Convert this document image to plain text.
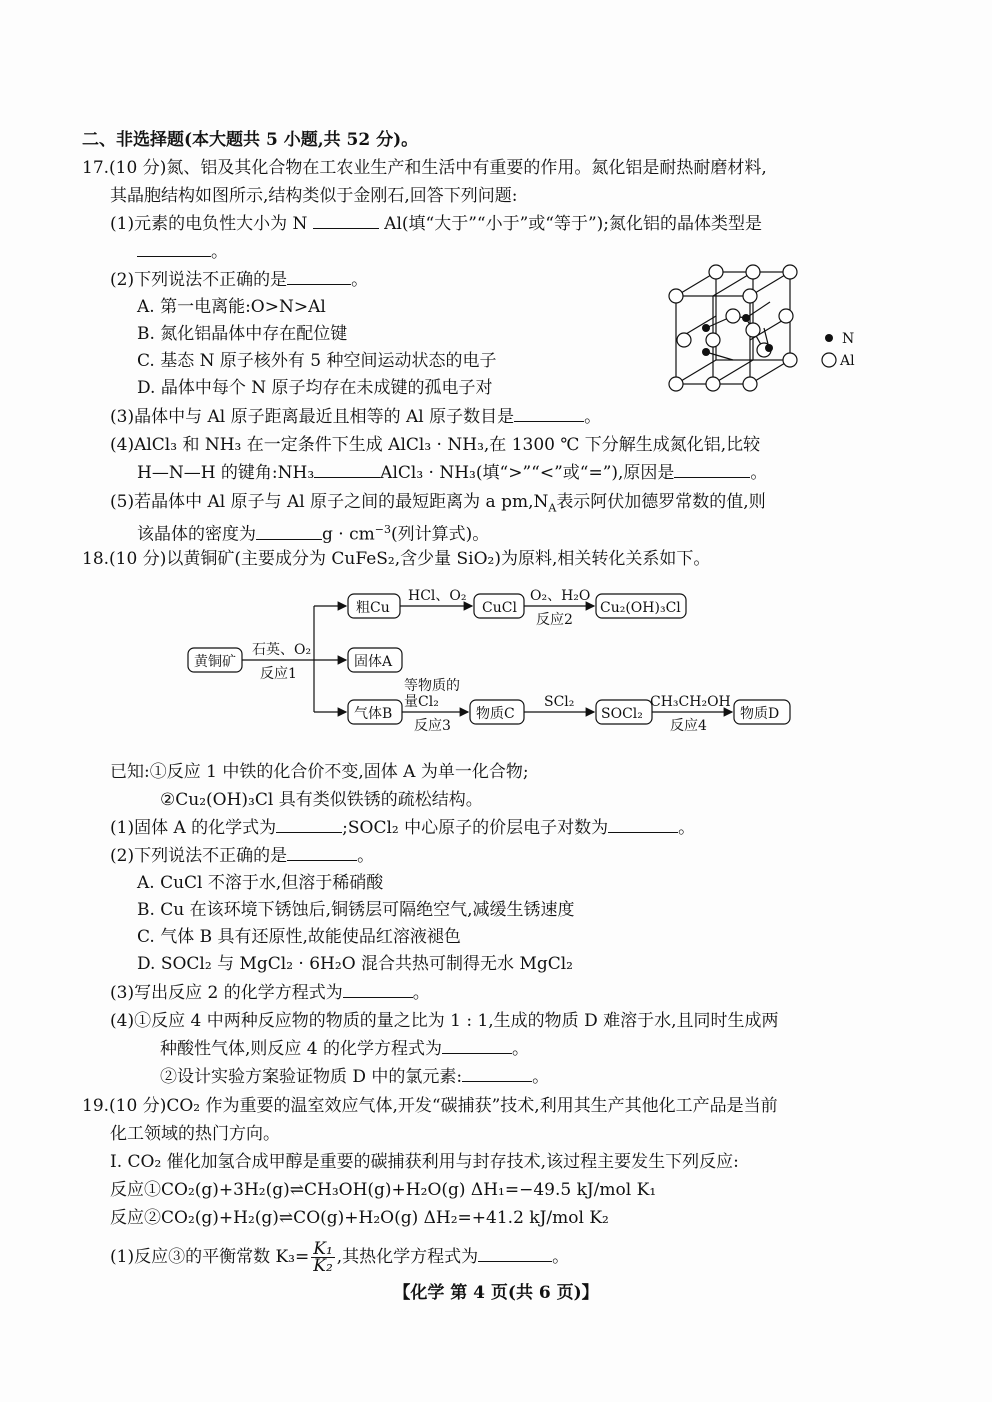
二、非选择题(本大题共 5 小题,共 52 分)。
17.(10 分)氮、铝及其化合物在工农业生产和生活中有重要的作用。氮化铝是耐热耐磨材料,
其晶胞结构如图所示,结构类似于金刚石,回答下列问题:
(1)元素的电负性大小为 N	Al(填“大于”“小于”或“等于”);氮化铝的晶体类型是
。
(2)下列说法不正确的是	。
A. 第一电离能:O>N>Al
B. 氮化铝晶体中存在配位键
C. 基态 N 原子核外有 5 种空间运动状态的电子
D. 晶体中每个 N 原子均存在未成键的孤电子对
N
Al
(3)晶体中与 Al 原子距离最近且相等的 Al 原子数目是	。
(4)AlCl₃ 和 NH₃ 在一定条件下生成 AlCl₃ · NH₃,在 1300 ℃ 下分解生成氮化铝,比较
H—N—H 的键角:NH₃	AlCl₃ · NH₃(填“>”“<”或“=”),原因是	。
(5)若晶体中 Al 原子与 Al 原子之间的最短距离为 a $pm,N_A$表示阿伏加德罗常数的值,则
该晶体的密度为	$g \cdot cm^{-3}$(列计算式)。
18.(10 分)以黄铜矿(主要成分为 CuFeS₂,含少量 SiO₂)为原料,相关转化关系如下。
黄铜矿
石英、O₂
反应1
粗Cu
HCl、O₂
CuCl
O₂、H₂O
反应2
Cu₂(OH)₃Cl
固体A
气体B
等物质的
量Cl₂
反应3
物质C
SCl₂
SOCl₂
CH₃CH₂OH
反应4
物质D
已知:①反应 1 中铁的化合价不变,固体 A 为单一化合物;
②Cu₂(OH)₃Cl 具有类似铁锈的疏松结构。
(1)固体 A 的化学式为	;SOCl₂ 中心原子的价层电子对数为	。
(2)下列说法不正确的是	。
A. CuCl 不溶于水,但溶于稀硝酸
B. Cu 在该环境下锈蚀后,铜锈层可隔绝空气,减缓生锈速度
C. 气体 B 具有还原性,故能使品红溶液褪色
D. SOCl₂ 与 MgCl₂ · 6H₂O 混合共热可制得无水 MgCl₂
(3)写出反应 2 的化学方程式为	。
(4)①反应 4 中两种反应物的物质的量之比为 1 : 1,生成的物质 D 难溶于水,且同时生成两
种酸性气体,则反应 4 的化学方程式为	。
②设计实验方案验证物质 D 中的氯元素:	。
19.(10 分)CO₂ 作为重要的温室效应气体,开发“碳捕获”技术,利用其生产其他化工产品是当前
化工领域的热门方向。
I. CO₂ 催化加氢合成甲醇是重要的碳捕获利用与封存技术,该过程主要发生下列反应:
反应①CO₂(g)+3H₂(g)⇌CH₃OH(g)+H₂O(g) ΔH₁=−49.5 kJ/mol K₁
反应②CO₂(g)+H₂(g)⇌CO(g)+H₂O(g) ΔH₂=+41.2 kJ/mol K₂
(1)反应③的平衡常数 $K_3= \frac{\text{K₁}}{\text{K₂}}$ ,其热化学方程式为	。
【化学 第 4 页(共 6 页)】
